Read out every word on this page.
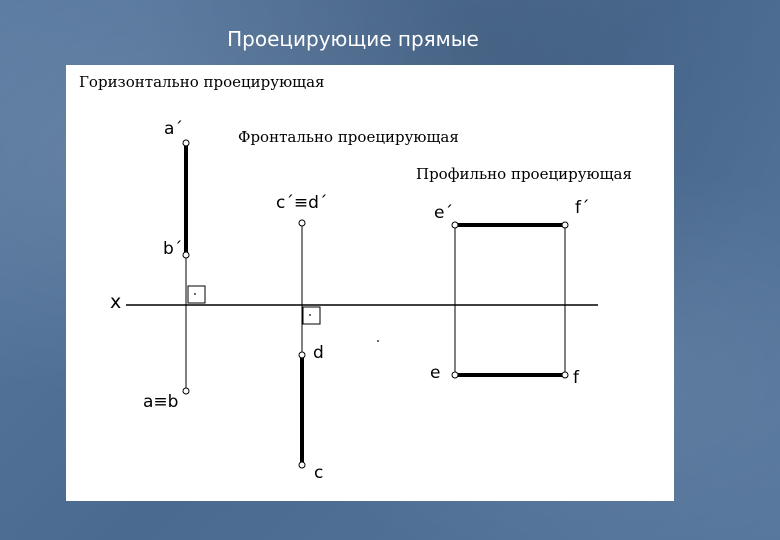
Проецирующие прямые
Горизонтально проецирующая
Фронтально проецирующая
Профильно проецирующая
x
a´
b´
a≡b
c´≡d´
d
c
e´	f´
e	f
